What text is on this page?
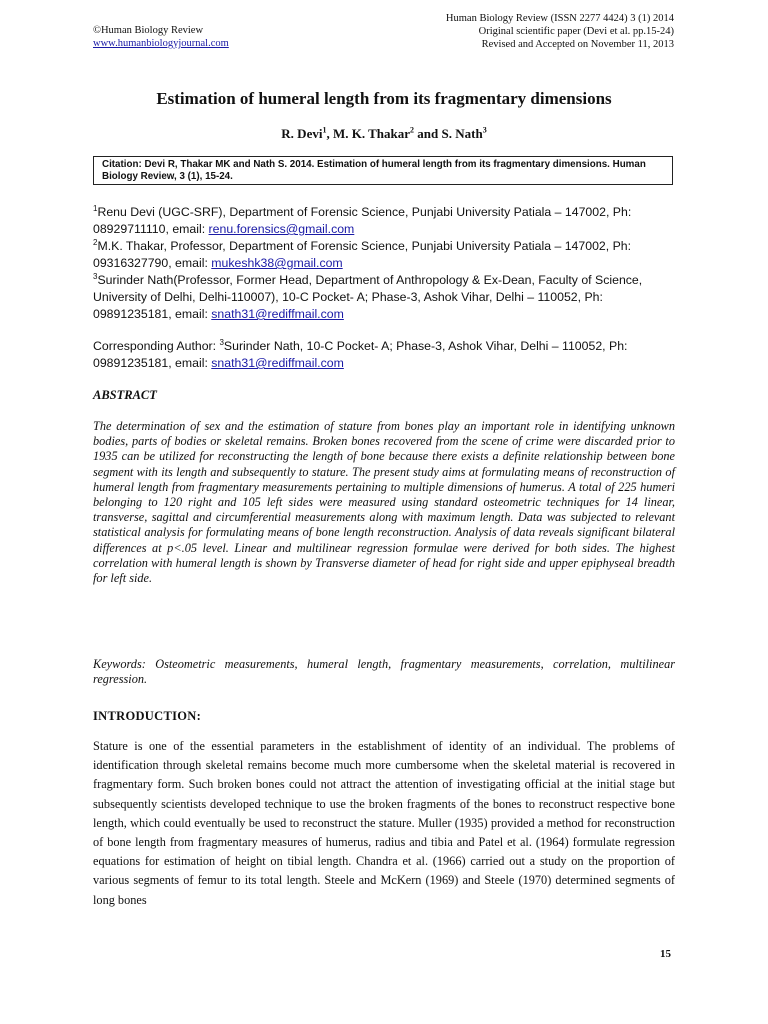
©Human Biology Review
www.humanbiologyjournal.com
Human Biology Review (ISSN 2277 4424) 3 (1) 2014
Original scientific paper (Devi et al. pp.15-24)
Revised and Accepted on November 11, 2013
Estimation of humeral length from its fragmentary dimensions
R. Devi$^1$, M. K. Thakar$^2$ and S. Nath$^3$
Citation: Devi R, Thakar MK and Nath S. 2014. Estimation of humeral length from its fragmentary dimensions. Human Biology Review, 3 (1), 15-24.

$^1$Renu Devi (UGC-SRF), Department of Forensic Science, Punjabi University Patiala – 147002, Ph: 08929711110, email: renu.forensics@gmail.com

$^2$M.K. Thakar, Professor, Department of Forensic Science, Punjabi University Patiala – 147002, Ph: 09316327790, email: mukeshk38@gmail.com

$^3$Surinder Nath(Professor, Former Head, Department of Anthropology & Ex-Dean, Faculty of Science, University of Delhi, Delhi-110007), 10-C Pocket- A; Phase-3, Ashok Vihar, Delhi – 110052, Ph: 09891235181, email: snath31@rediffmail.com

Corresponding Author: $^3$Surinder Nath, 10-C Pocket- A; Phase-3, Ashok Vihar, Delhi – 110052, Ph: 09891235181, email: snath31@rediffmail.com

ABSTRACT
The determination of sex and the estimation of stature from bones play an important role in identifying unknown bodies, parts of bodies or skeletal remains. Broken bones recovered from the scene of crime were discarded prior to 1935 can be utilized for reconstructing the length of bone because there exists a definite relationship between bone segment with its length and subsequently to stature. The present study aims at formulating means of reconstruction of humeral length from fragmentary measurements pertaining to multiple dimensions of humerus. A total of 225 humeri belonging to 120 right and 105 left sides were measured using standard osteometric techniques for 14 linear, transverse, sagittal and circumferential measurements along with maximum length. Data was subjected to relevant statistical analysis for formulating means of bone length reconstruction. Analysis of data reveals significant bilateral differences at p<.05 level. Linear and multilinear regression formulae were derived for both sides. The highest correlation with humeral length is shown by Transverse diameter of head for right side and upper epiphyseal breadth for left side.
Keywords: Osteometric measurements, humeral length, fragmentary measurements, correlation, multilinear regression.
INTRODUCTION:
Stature is one of the essential parameters in the establishment of identity of an individual. The problems of identification through skeletal remains become much more cumbersome when the skeletal material is recovered in fragmentary form. Such broken bones could not attract the attention of investigating official at the initial stage but subsequently scientists developed technique to use the broken fragments of the bones to reconstruct respective bone length, which could eventually be used to reconstruct the stature. Muller (1935) provided a method for reconstruction of bone length from fragmentary measures of humerus, radius and tibia and Patel et al. (1964) formulate regression equations for estimation of height on tibial length. Chandra et al. (1966) carried out a study on the proportion of various segments of femur to its total length. Steele and McKern (1969) and Steele (1970) determined segments of long bones
15
